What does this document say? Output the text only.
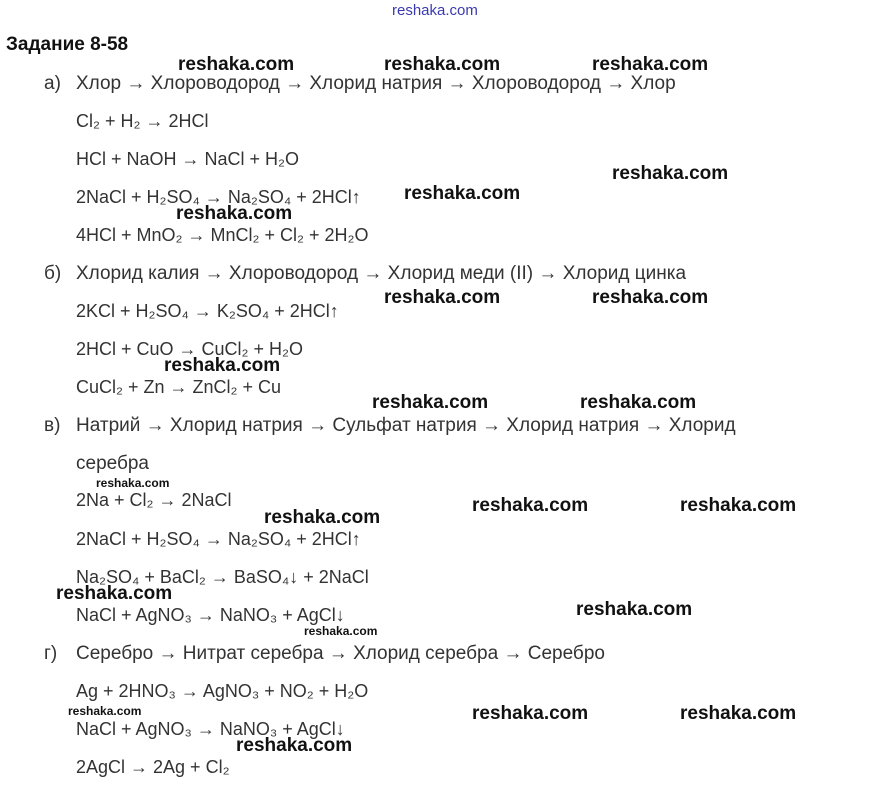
reshaka.com
Задание 8-58
а) Хлор → Хлороводород → Хлорид натрия → Хлороводород → Хлор
Cl₂ + H₂ → 2HCl
HCl + NaOH → NaCl + H₂O
2NaCl + H₂SO₄ → Na₂SO₄ + 2HCl↑
4HCl + MnO₂ → MnCl₂ + Cl₂ + 2H₂O
б) Хлорид калия → Хлороводород → Хлорид меди (II) → Хлорид цинка
2KCl + H₂SO₄ → K₂SO₄ + 2HCl↑
2HCl + CuO → CuCl₂ + H₂O
CuCl₂ + Zn → ZnCl₂ + Cu
в) Натрий → Хлорид натрия → Сульфат натрия → Хлорид натрия → Хлорид
серебра
2Na + Cl₂ → 2NaCl
2NaCl + H₂SO₄ → Na₂SO₄ + 2HCl↑
Na₂SO₄ + BaCl₂ → BaSO₄↓ + 2NaCl
NaCl + AgNO₃ → NaNO₃ + AgCl↓
г) Серебро → Нитрат серебра → Хлорид серебра → Серебро
Ag + 2HNO₃ → AgNO₃ + NO₂ + H₂O
NaCl + AgNO₃ → NaNO₃ + AgCl↓
2AgCl → 2Ag + Cl₂
reshaka.com	reshaka.com	reshaka.com
reshaka.com
reshaka.com
reshaka.com
reshaka.com	reshaka.com
reshaka.com
reshaka.com	reshaka.com
reshaka.com
reshaka.com	reshaka.com
reshaka.com
reshaka.com
reshaka.com
reshaka.com
reshaka.com	reshaka.com	reshaka.com
reshaka.com
